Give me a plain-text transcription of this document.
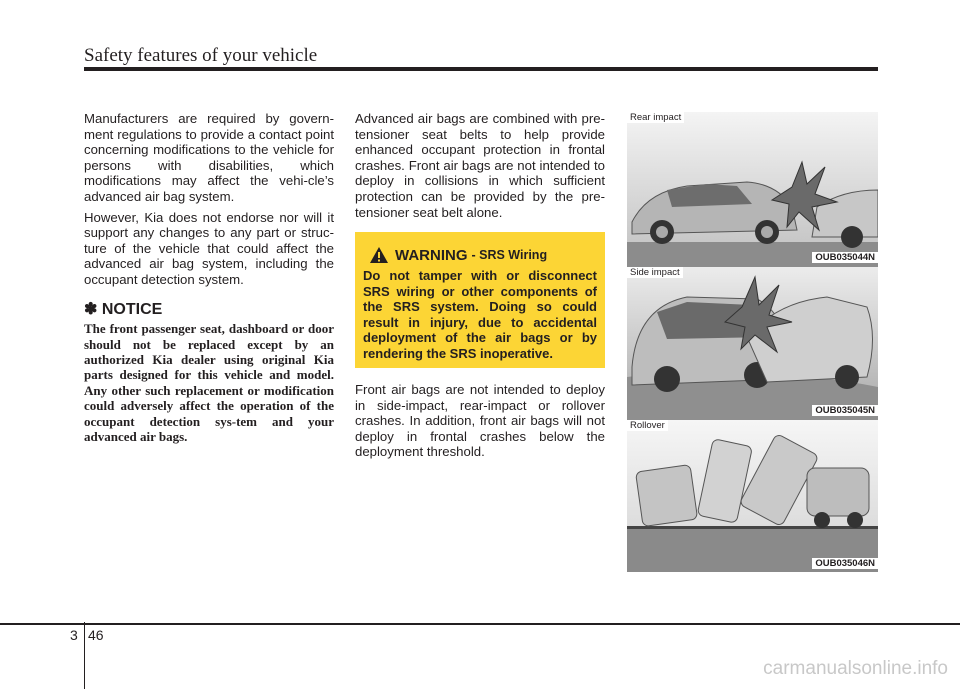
Safety features of your vehicle

Manufacturers are required by govern-ment regulations to provide a contact point concerning modifications to the vehicle for persons with disabilities, which modifications may affect the vehi-cle’s advanced air bag system.

However, Kia does not endorse nor will it support any changes to any part or struc-ture of the vehicle that could affect the advanced air bag system, including the occupant detection system.

✽ NOTICE
The front passenger seat, dashboard or door should not be replaced except by an authorized Kia dealer using original Kia parts designed for this vehicle and model. Any other such replacement or modification could adversely affect the operation of the occupant detection sys-tem and your advanced air bags.

Advanced air bags are combined with pre-tensioner seat belts to help provide enhanced occupant protection in frontal crashes. Front air bags are not intended to deploy in collisions in which sufficient protection can be provided by the pre-tensioner seat belt alone.

WARNING - SRS Wiring
Do not tamper with or disconnect SRS wiring or other components of the SRS system. Doing so could result in injury, due to accidental deployment of the air bags or by rendering the SRS inoperative.

Front air bags are not intended to deploy in side-impact, rear-impact or rollover crashes. In addition, front air bags will not deploy in frontal crashes below the deployment threshold.

Rear impact
OUB035044N
Side impact
OUB035045N
Rollover
OUB035046N
3 46
carmanualsonline.info
